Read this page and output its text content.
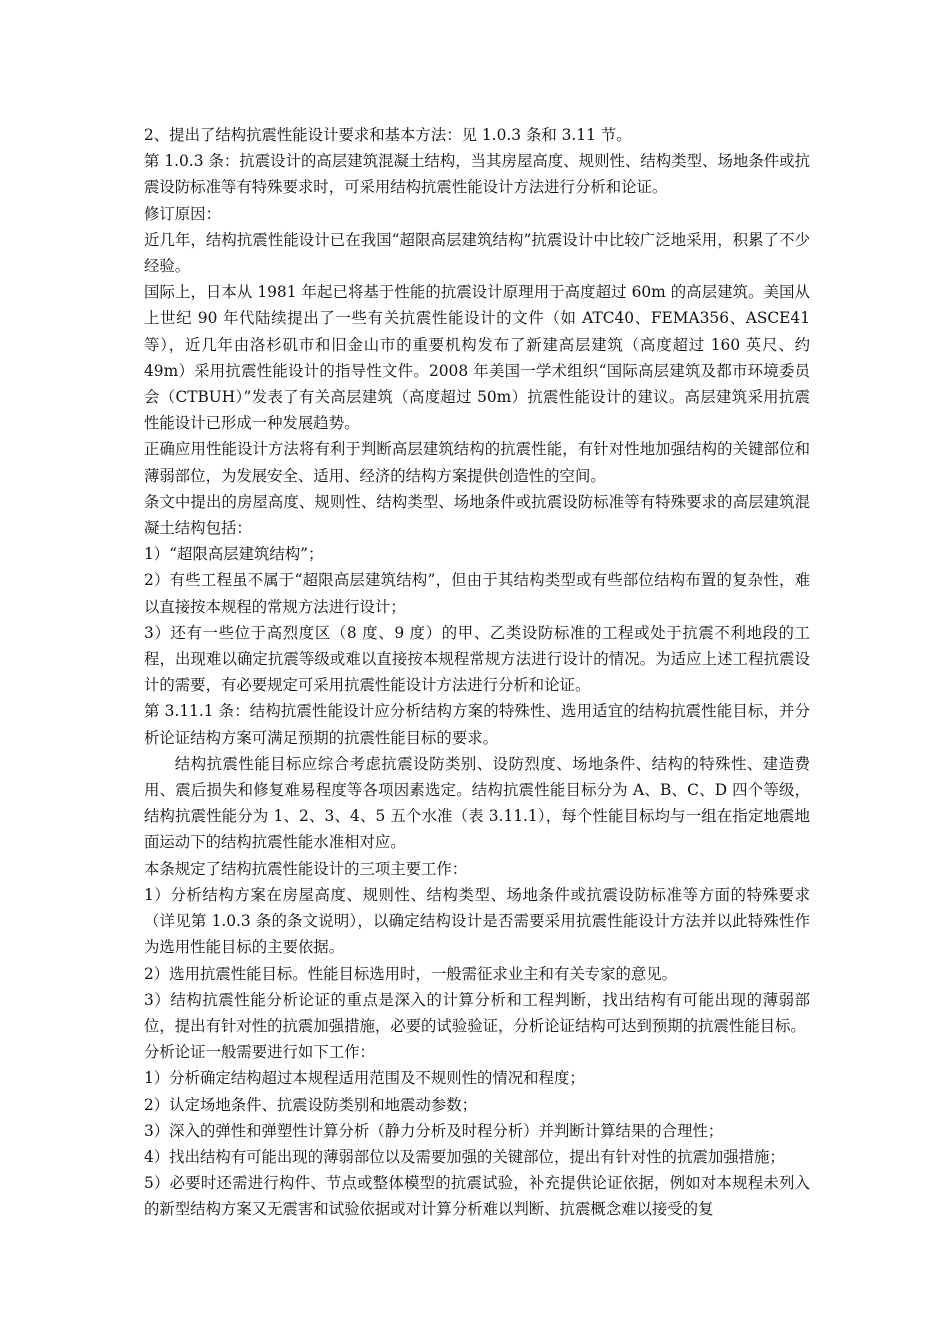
2、提出了结构抗震性能设计要求和基本方法：见 1.0.3 条和 3.11 节。

第 1.0.3 条：抗震设计的高层建筑混凝土结构，当其房屋高度、规则性、结构类型、场地条件或抗震设防标准等有特殊要求时，可采用结构抗震性能设计方法进行分析和论证。

修订原因：

近几年，结构抗震性能设计已在我国“超限高层建筑结构”抗震设计中比较广泛地采用，积累了不少经验。

国际上，日本从 1981 年起已将基于性能的抗震设计原理用于高度超过 60m 的高层建筑。美国从上世纪 90 年代陆续提出了一些有关抗震性能设计的文件（如 ATC40、FEMA356、ASCE41 等），近几年由洛杉矶市和旧金山市的重要机构发布了新建高层建筑（高度超过 160 英尺、约 49m）采用抗震性能设计的指导性文件。2008 年美国一学术组织“国际高层建筑及都市环境委员会（CTBUH）”发表了有关高层建筑（高度超过 50m）抗震性能设计的建议。高层建筑采用抗震性能设计已形成一种发展趋势。

正确应用性能设计方法将有利于判断高层建筑结构的抗震性能，有针对性地加强结构的关键部位和薄弱部位，为发展安全、适用、经济的结构方案提供创造性的空间。

条文中提出的房屋高度、规则性、结构类型、场地条件或抗震设防标准等有特殊要求的高层建筑混凝土结构包括：

1）“超限高层建筑结构”；

2）有些工程虽不属于“超限高层建筑结构”，但由于其结构类型或有些部位结构布置的复杂性，难以直接按本规程的常规方法进行设计；

3）还有一些位于高烈度区（8 度、9 度）的甲、乙类设防标准的工程或处于抗震不利地段的工程，出现难以确定抗震等级或难以直接按本规程常规方法进行设计的情况。为适应上述工程抗震设计的需要，有必要规定可采用抗震性能设计方法进行分析和论证。

第 3.11.1 条：结构抗震性能设计应分析结构方案的特殊性、选用适宜的结构抗震性能目标，并分析论证结构方案可满足预期的抗震性能目标的要求。

结构抗震性能目标应综合考虑抗震设防类别、设防烈度、场地条件、结构的特殊性、建造费用、震后损失和修复难易程度等各项因素选定。结构抗震性能目标分为 A、B、C、D 四个等级，结构抗震性能分为 1、2、3、4、5 五个水准（表 3.11.1），每个性能目标均与一组在指定地震地面运动下的结构抗震性能水准相对应。

本条规定了结构抗震性能设计的三项主要工作：

1）分析结构方案在房屋高度、规则性、结构类型、场地条件或抗震设防标准等方面的特殊要求（详见第 1.0.3 条的条文说明），以确定结构设计是否需要采用抗震性能设计方法并以此特殊性作为选用性能目标的主要依据。

2）选用抗震性能目标。性能目标选用时，一般需征求业主和有关专家的意见。

3）结构抗震性能分析论证的重点是深入的计算分析和工程判断，找出结构有可能出现的薄弱部位，提出有针对性的抗震加强措施，必要的试验验证，分析论证结构可达到预期的抗震性能目标。

分析论证一般需要进行如下工作：

1）分析确定结构超过本规程适用范围及不规则性的情况和程度；

2）认定场地条件、抗震设防类别和地震动参数；

3）深入的弹性和弹塑性计算分析（静力分析及时程分析）并判断计算结果的合理性；

4）找出结构有可能出现的薄弱部位以及需要加强的关键部位，提出有针对性的抗震加强措施；

5）必要时还需进行构件、节点或整体模型的抗震试验，补充提供论证依据，例如对本规程未列入的新型结构方案又无震害和试验依据或对计算分析难以判断、抗震概念难以接受的复
